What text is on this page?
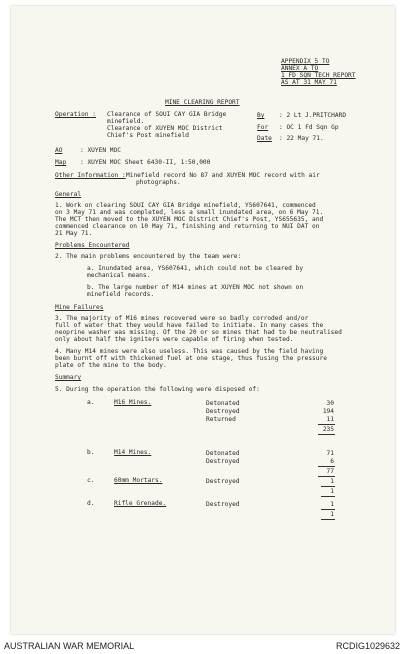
APPENDIX 5 TO
ANNEX A TO
1 FD SQN TECH REPORT
AS AT 31 MAY 71
MINE CLEARING REPORT
Operation : Clearance of SOUI CAY GIA Bridge
minefield.
Clearance of XUYEN MOC District
Chief's Post minefield
By : 2 Lt J.PRITCHARD
For : OC 1 Fd Sqn Gp
Date : 22 May 71.
AO	: XUYEN MOC
Map : XUYEN MOC Sheet 6430-II, 1:50,000
Other Information : Minefield record No 87 and XUYEN MOC record with air
photographs.
General
1. Work on clearing SOUI CAY GIA Bridge minefield, YS607641, commenced
on 3 May 71 and was completed, less a small inundated area, on 6 May 71.
The MCT then moved to the XUYEN MOC District Chief's Post, YS655635, and
commenced clearance on 10 May 71, finishing and returning to NUI DAT on
21 May 71.
Problems Encountered
2. The main problems encountered by the team were:
a. Inundated area, YS607641, which could not be cleared by
mechanical means.
b. The large number of M14 mines at XUYEN MOC not shown on
minefield records.
Mine Failures
3. The majority of M16 mines recovered were so badly corroded and/or
full of water that they would have failed to initiate. In many cases the
neoprine washer was missing. Of the 20 or so mines that had to be neutralised
only about half the igniters were capable of firing when tested.
4. Many M14 mines were also useless. This was caused by the field having
been burnt off with thickened fuel at one stage, thus fusing the pressure
plate of the mine to the body.
Summary
5. During the operation the following were disposed of:
a.	M16 Mines.	Detonated	30
Destroyed	194
Returned	11
235
b.	M14 Mines.	Detonated	71
Destroyed	6
77
c.	60mm Mortars.	Destroyed	1
1
d.	Rifle Grenade.	Destroyed	1
1
AUSTRALIAN WAR MEMORIAL	RCDIG1029632
